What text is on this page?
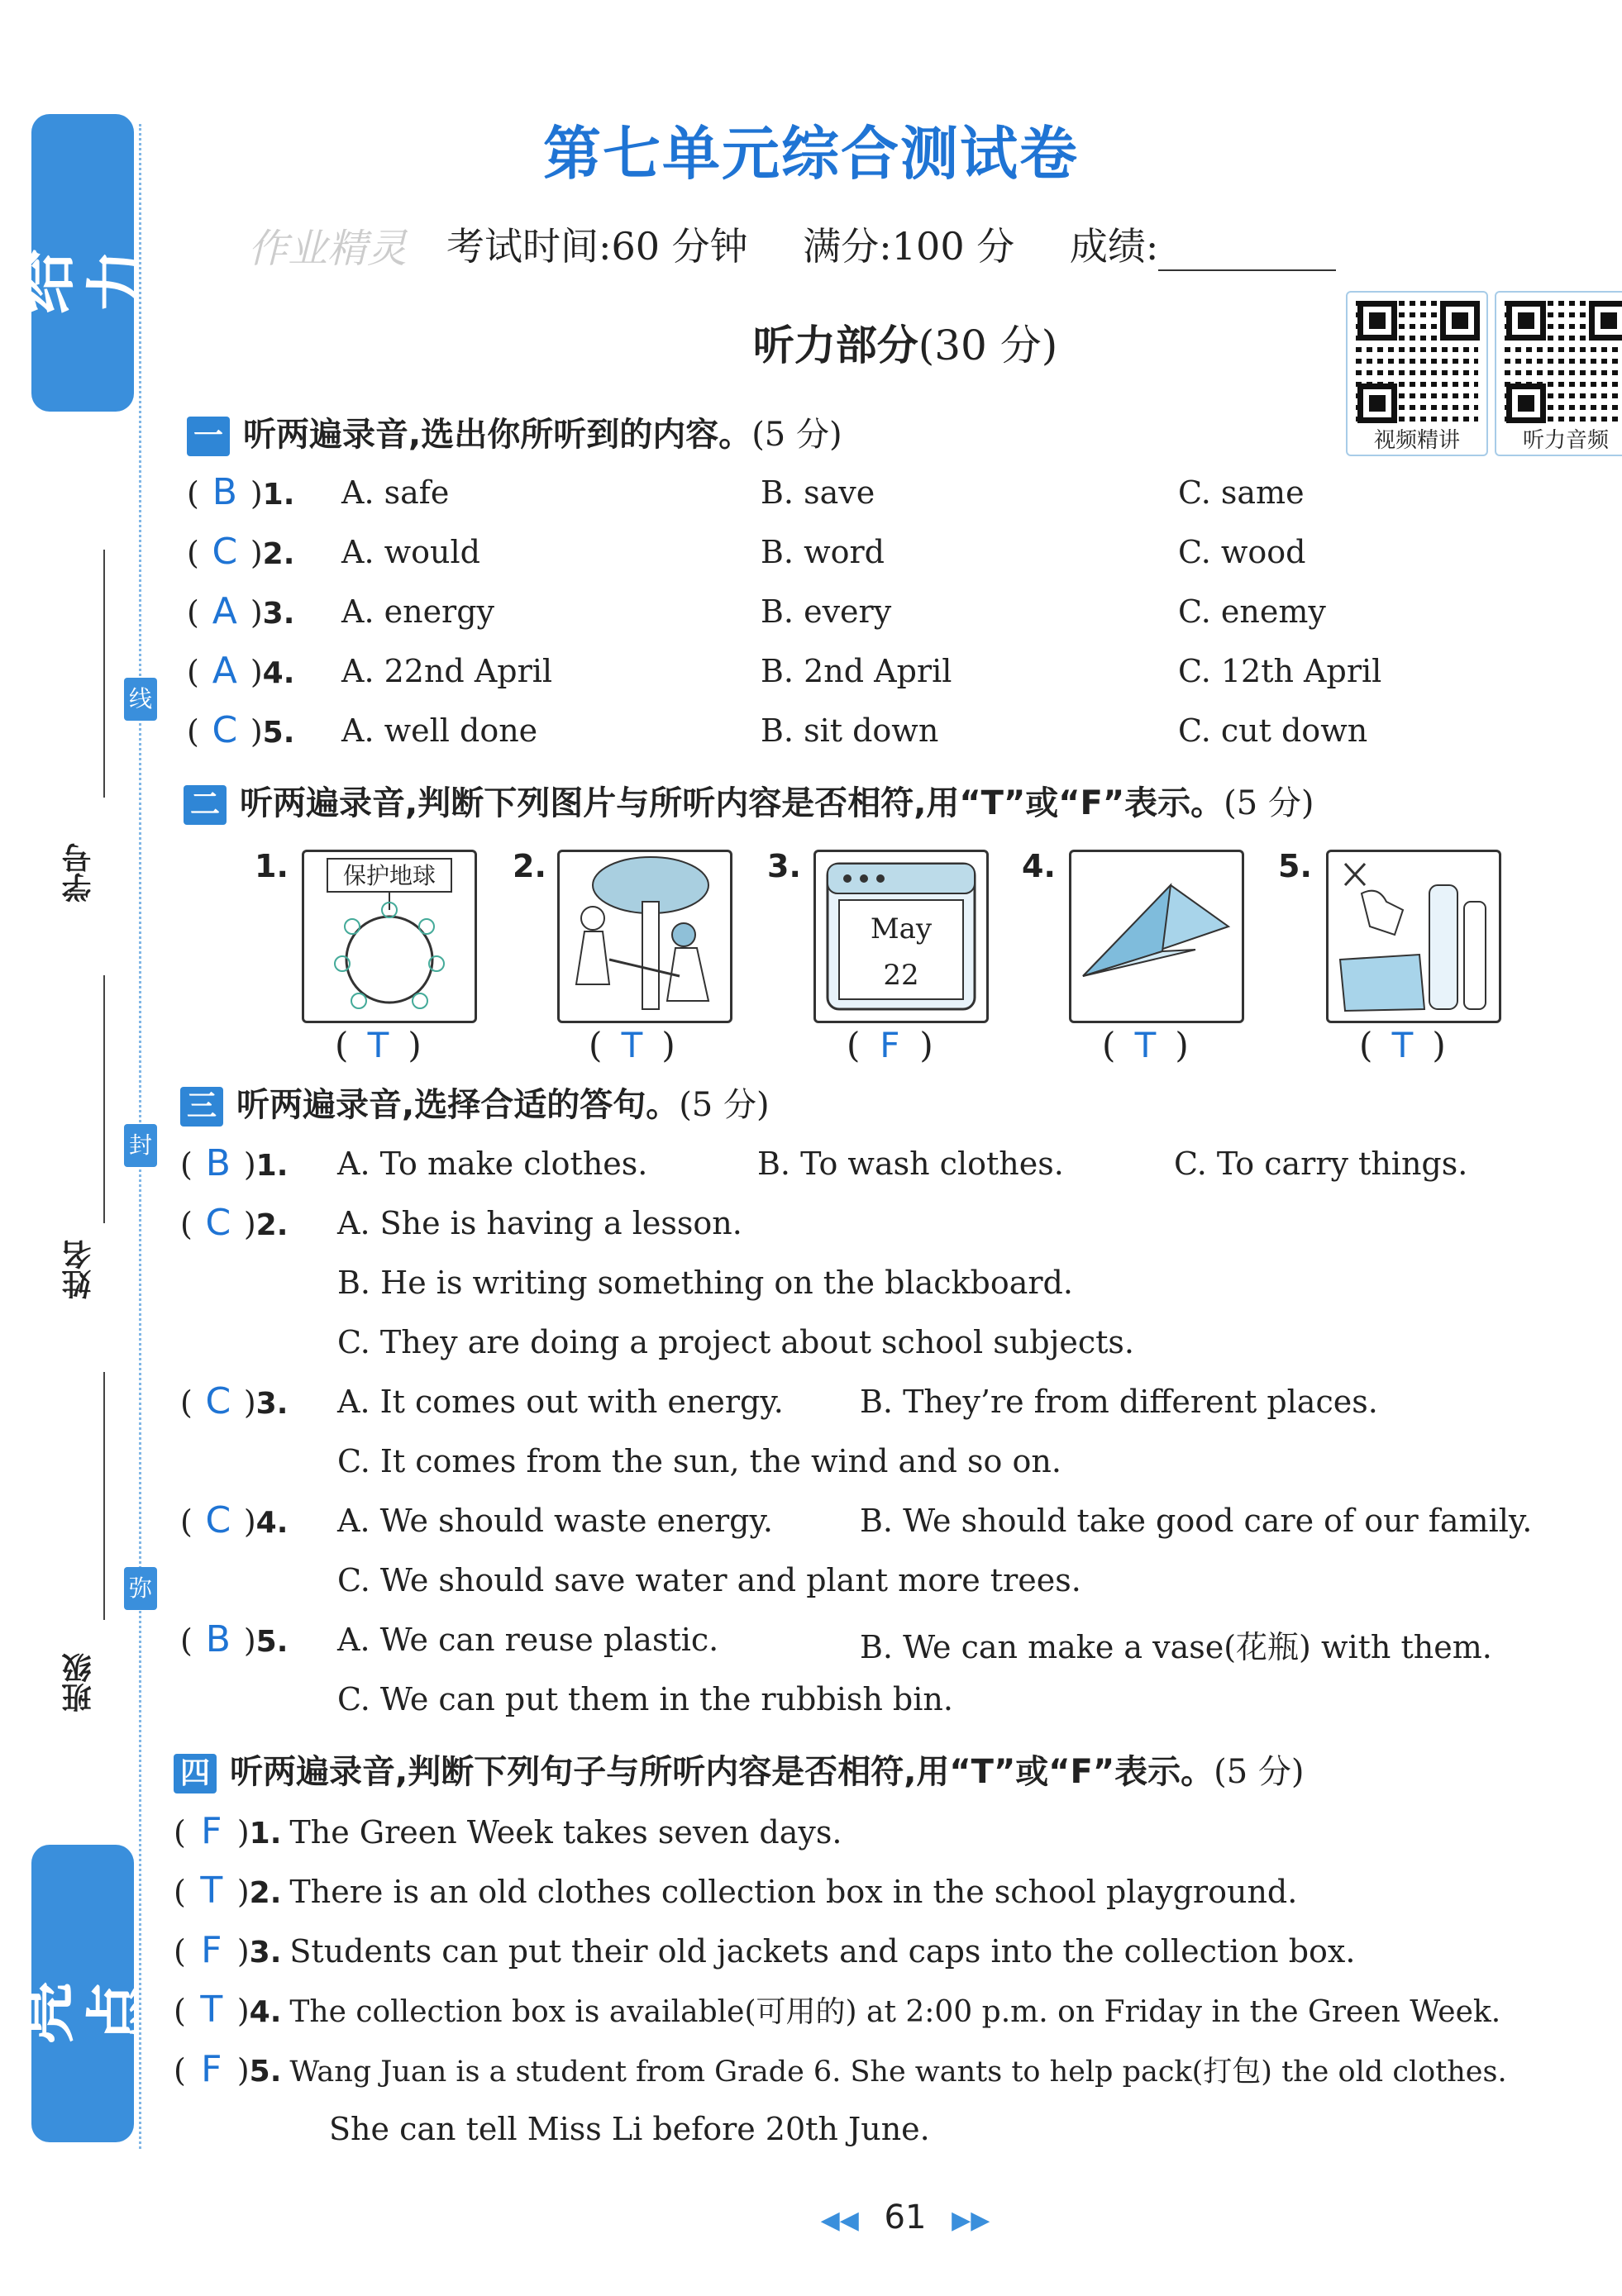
给 力
亮 点
线
封
弥
学号
姓名
班级
第七单元综合测试卷
作业精灵 考试时间:60 分钟 满分:100 分 成绩:
听力部分(30 分)
视频精讲	听力音频
一 听两遍录音,选出你所听到的内容。(5 分)
( B )1. A. safe	B. save	C. same
( C )2. A. would	B. word	C. wood
( A )3. A. energy	B. every	C. enemy
( A )4. A. 22nd April	B. 2nd April	C. 12th April
( C )5. A. well done	B. sit down	C. cut down
二 听两遍录音,判断下列图片与所听内容是否相符,用“T”或“F”表示。(5 分)
1. 保护地球
( T )
2.
( T )
3.
May
22
( F )
4.
( T )
5.
( T )
三 听两遍录音,选择合适的答句。(5 分)
( B )1. A. To make clothes.	B. To wash clothes.	C. To carry things.
( C )2. A. She is having a lesson.
B. He is writing something on the blackboard.
C. They are doing a project about school subjects.
( C )3. A. It comes out with energy. B. They’re from different places.
C. It comes from the sun, the wind and so on.
( C )4. A. We should waste energy.	B. We should take good care of our family.
C. We should save water and plant more trees.
( B )5. A. We can reuse plastic.	B. We can make a vase(花瓶) with them.
C. We can put them in the rubbish bin.
四 听两遍录音,判断下列句子与所听内容是否相符,用“T”或“F”表示。(5 分)
( F )1. The Green Week takes seven days.
( T )2. There is an old clothes collection box in the school playground.
( F )3. Students can put their old jackets and caps into the collection box.
( T )4. The collection box is available(可用的) at 2:00 p.m. on Friday in the Green Week.
( F )5. Wang Juan is a student from Grade 6. She wants to help pack(打包) the old clothes.
She can tell Miss Li before 20th June.
◀◀ 61 ▶▶
